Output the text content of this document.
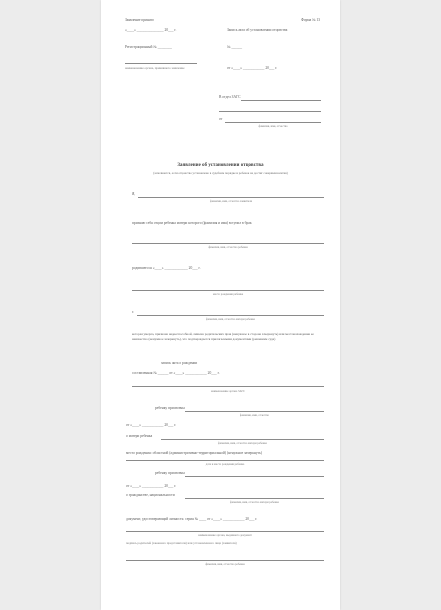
Заявление принято
«____» _______________ 20___ г.
Регистрационный № ________
наименование органа, принявшего заявление
Форма № 13
Запись акта об установлении отцовства
№ ______
от «____» ____________ 20___ г.
В отдел ЗАГС
от
фамилия, имя, отчество
Заявление об установлении отцовства
(заполняется, если отцовство установлено в судебном порядке и ребенок не достиг совершеннолетия)
Я,
фамилия, имя, отчество заявителя
признаю себя отцом ребенка матери которого (фамилия и имя) вступил в брак
фамилия, имя, отчество ребенка
родившегося «____» _____________ 20___ г.
место рождения ребенка
г.
фамилия, имя, отчество матери ребенка
которая умерла, признана недееспособной, лишена родительских прав (ненужное в стороне зачеркнуть) или местонахождение ее неизвестно (ненужное зачеркнуть), что подтверждается прилагаемыми документами (решением суда)
запись акта о рождении
составленная № ______ от «____» ____________ 20___ г.
наименование органа ЗАГС
ребенку присвоены
фамилия, имя, отчество
от «____» ____________ 20___ г.
о матери ребенка
фамилия, имя, отчество матери ребенка
место рождения: областной (административно-территориальной) (ненужное зачеркнуть)
дата и место рождения ребенка
ребенку присвоены
от «____» ____________ 20___ г.
о гражданстве, национальности
фамилия, имя, отчество матери ребенка
документ, удостоверяющий личность: серия № ____ от «____» ____________ 20___ г.
наименование органа, выдавшего документ
подпись родителей (законного представителя) или установленного лица (заявителя)
фамилия, имя, отчество ребенка
